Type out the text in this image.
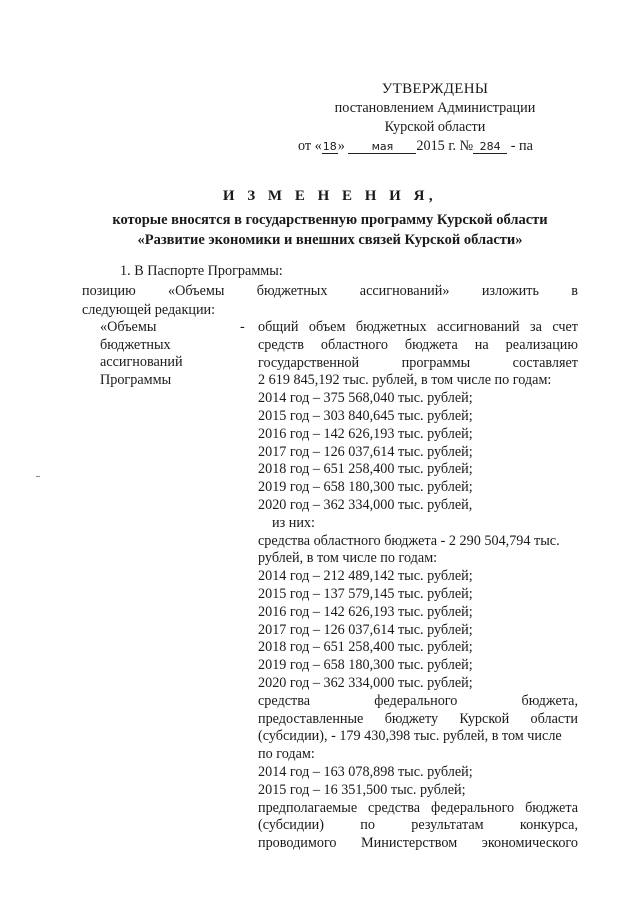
УТВЕРЖДЕНЫ
постановлением Администрации
Курской области
от «18» мая 2015 г. № 284 - па
И З М Е Н Е Н И Я,
которые вносятся в государственную программу Курской области
«Развитие экономики и внешних связей Курской области»
1. В Паспорте Программы:
позицию «Объемы бюджетных ассигнований» изложить в
следующей редакции:
«Объемы
бюджетных
ассигнований
Программы
- общий объем бюджетных ассигнований за счет
средств областного бюджета на реализацию
государственной программы составляет
2 619 845,192 тыс. рублей, в том числе по годам:
2014 год – 375 568,040 тыс. рублей;
2015 год – 303 840,645 тыс. рублей;
2016 год – 142 626,193 тыс. рублей;
2017 год – 126 037,614 тыс. рублей;
2018 год – 651 258,400 тыс. рублей;
2019 год – 658 180,300 тыс. рублей;
2020 год – 362 334,000 тыс. рублей,
из них:
средства областного бюджета - 2 290 504,794 тыс.
рублей, в том числе по годам:
2014 год – 212 489,142 тыс. рублей;
2015 год – 137 579,145 тыс. рублей;
2016 год – 142 626,193 тыс. рублей;
2017 год – 126 037,614 тыс. рублей;
2018 год – 651 258,400 тыс. рублей;
2019 год – 658 180,300 тыс. рублей;
2020 год – 362 334,000 тыс. рублей;
средства федерального бюджета,
предоставленные бюджету Курской области
(субсидии), - 179 430,398 тыс. рублей, в том числе
по годам:
2014 год – 163 078,898 тыс. рублей;
2015 год – 16 351,500 тыс. рублей;
предполагаемые средства федерального бюджета
(субсидии) по результатам конкурса,
проводимого Министерством экономического
